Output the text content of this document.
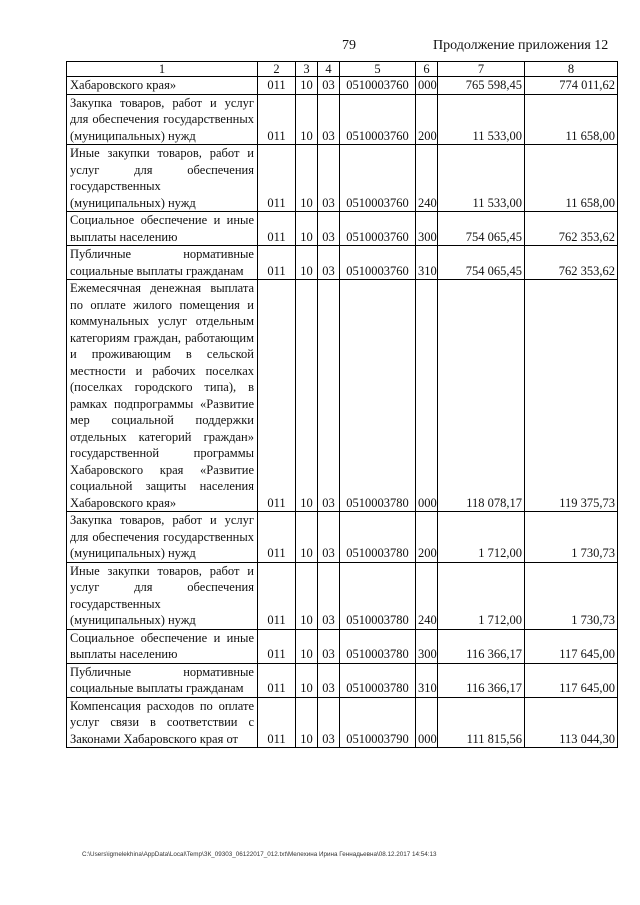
79	Продолжение приложения 12
1	2	3	4	5	6	7	8
Хабаровского края»	011	10	03	0510003760	000	765 598,45	774 011,62
Закупка товаров, работ и услуг для обеспечения государственных (муниципальных) нужд	011	10	03	0510003760	200	11 533,00	11 658,00
Иные закупки товаров, работ и услуг для обеспечения государственных (муниципальных) нужд	011	10	03	0510003760	240	11 533,00	11 658,00
Социальное обеспечение и иные выплаты населению	011	10	03	0510003760	300	754 065,45	762 353,62
Публичные нормативные социальные выплаты гражданам	011	10	03	0510003760	310	754 065,45	762 353,62
Ежемесячная денежная выплата по оплате жилого помещения и коммунальных услуг отдельным категориям граждан, работающим и проживающим в сельской местности и рабочих поселках (поселках городского типа), в рамках подпрограммы «Развитие мер социальной поддержки отдельных категорий граждан» государственной программы Хабаровского края «Развитие социальной защиты населения Хабаровского края»	011	10	03	0510003780	000	118 078,17	119 375,73
Закупка товаров, работ и услуг для обеспечения государственных (муниципальных) нужд	011	10	03	0510003780	200	1 712,00	1 730,73
Иные закупки товаров, работ и услуг для обеспечения государственных (муниципальных) нужд	011	10	03	0510003780	240	1 712,00	1 730,73
Социальное обеспечение и иные выплаты населению	011	10	03	0510003780	300	116 366,17	117 645,00
Публичные нормативные социальные выплаты гражданам	011	10	03	0510003780	310	116 366,17	117 645,00
Компенсация расходов по оплате услуг связи в соответствии с Законами Хабаровского края от	011	10	03	0510003790	000	111 815,56	113 044,30
C:\Users\igmelekhina\AppData\Local\Temp\ЗК_09303_06122017_012.txt\Мелехина Ирина Геннадьевна\08.12.2017 14:54:13
